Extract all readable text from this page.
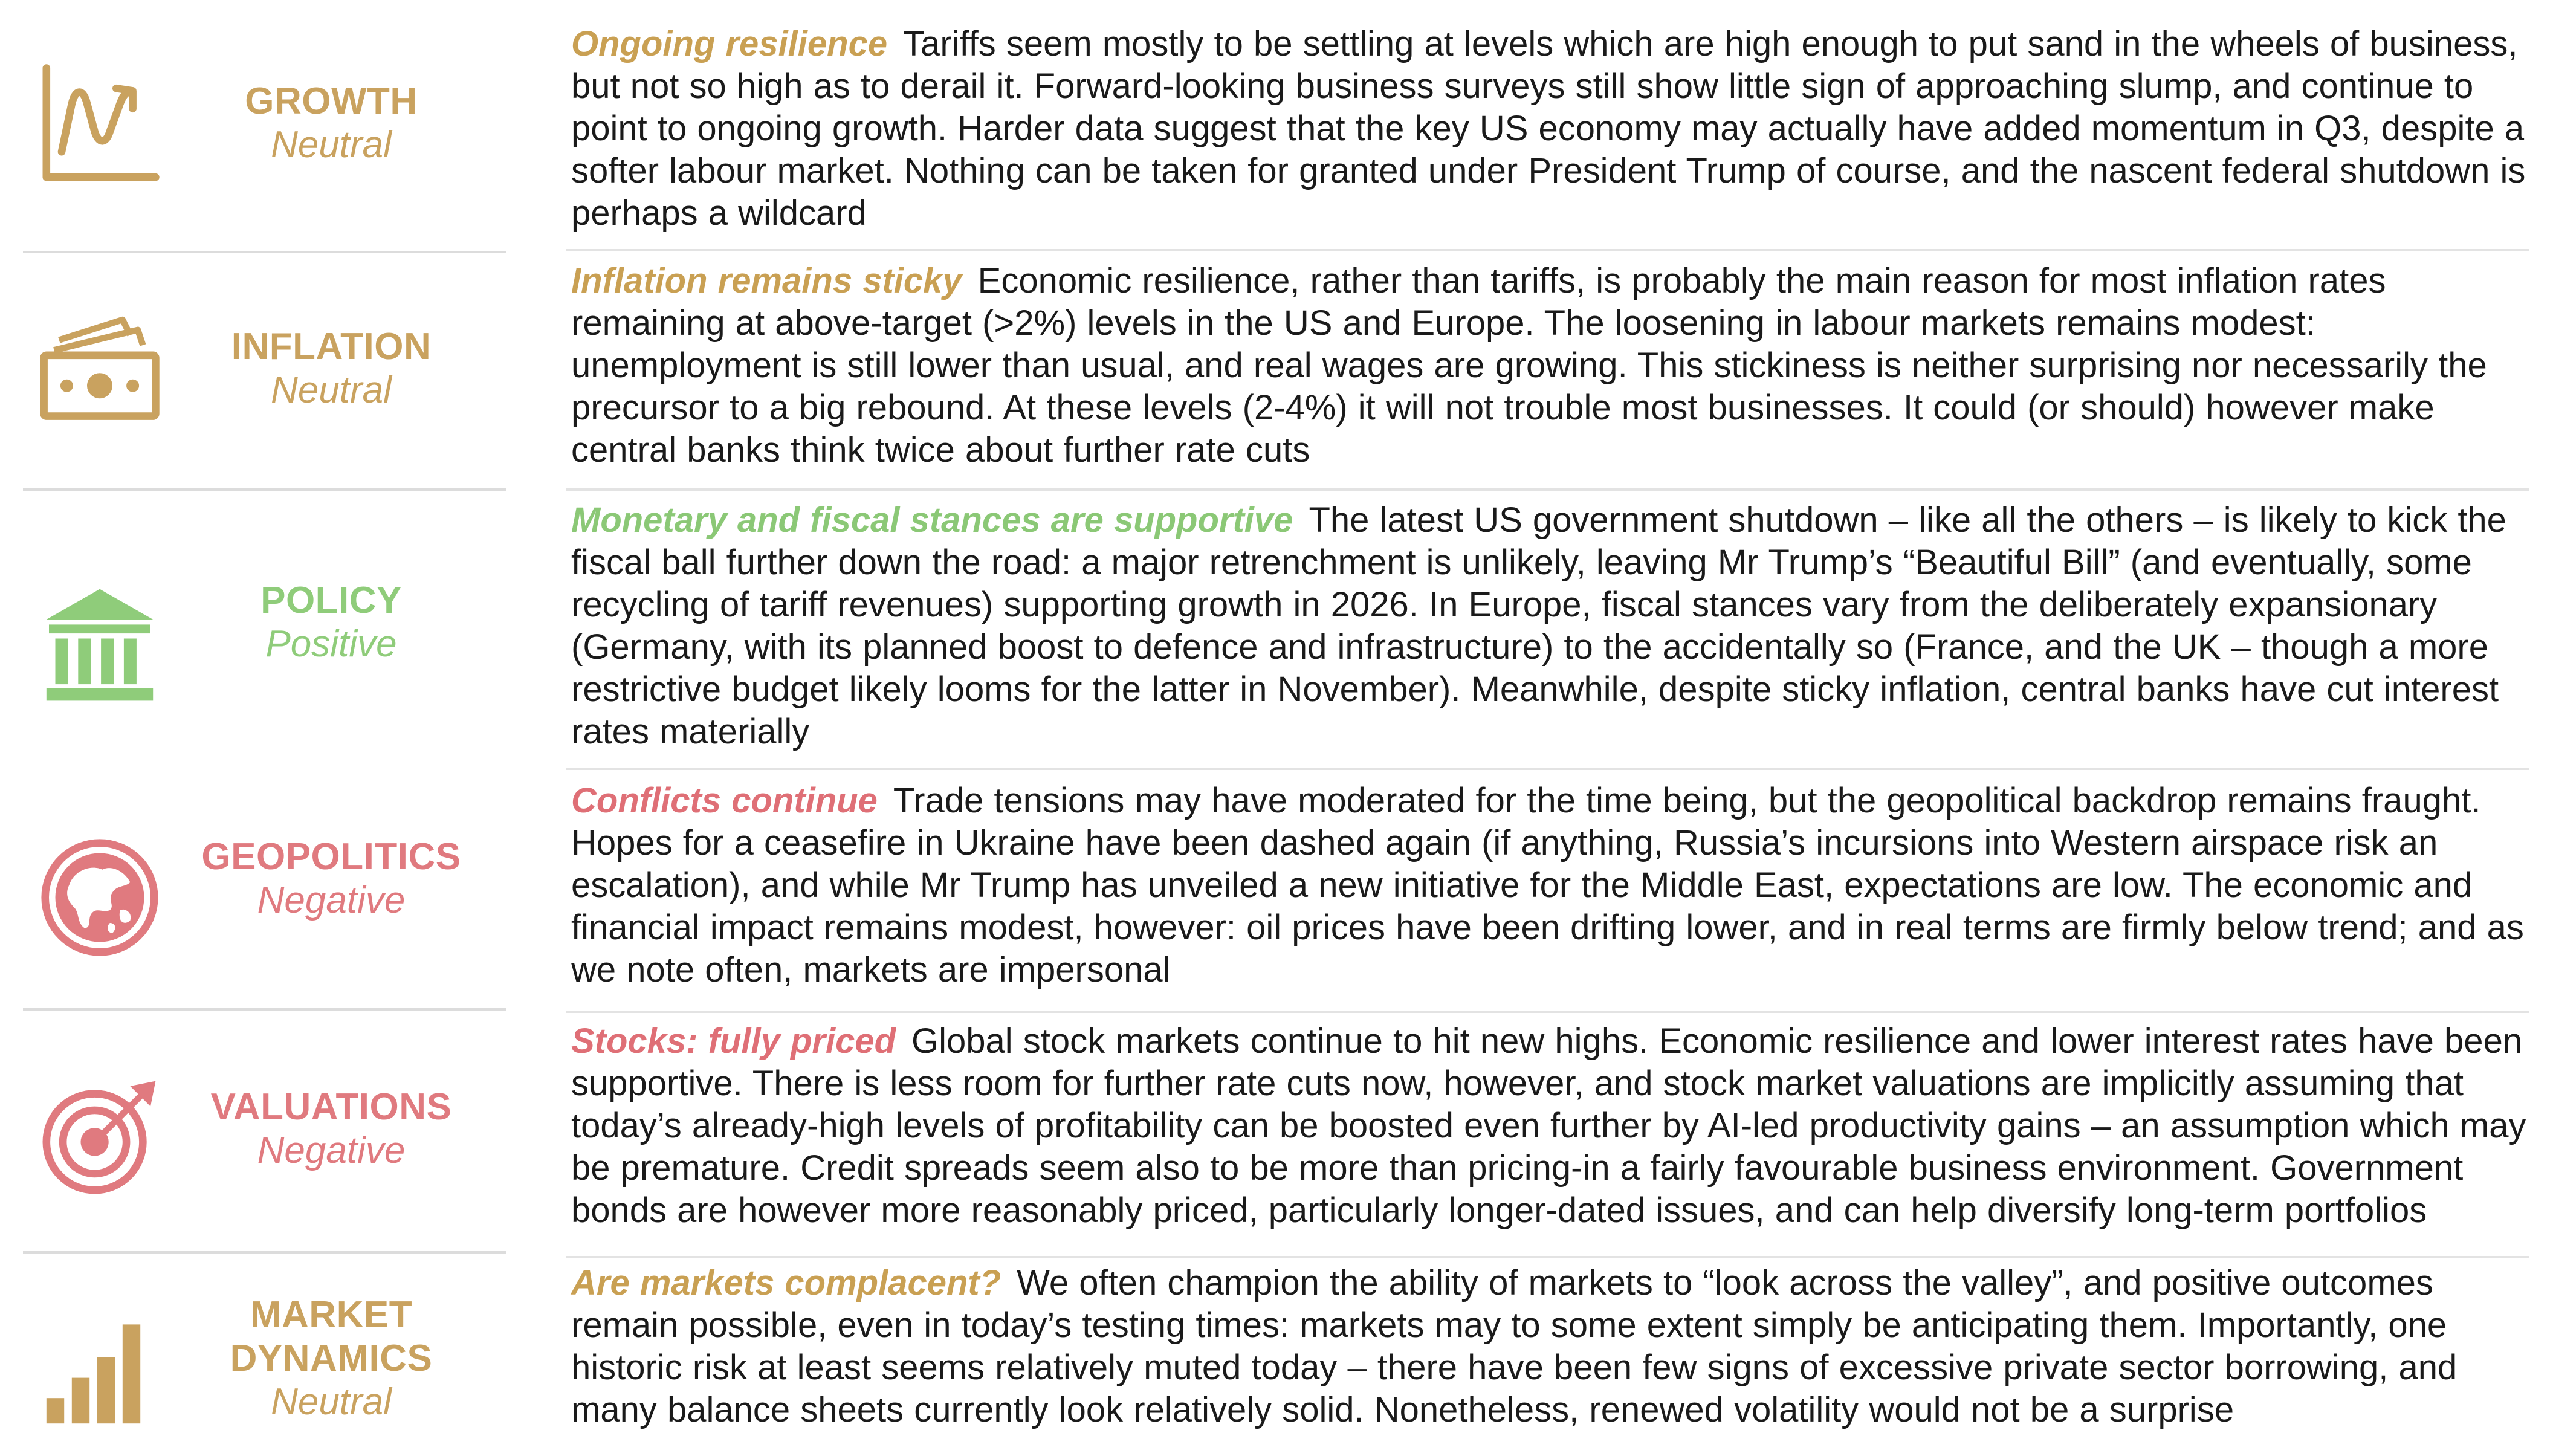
GROWTH
Neutral
Ongoing resilience Tariffs seem mostly to be settling at levels which are high enough to put sand in the wheels of business, but not so high as to derail it. Forward-looking business surveys still show little sign of approaching slump, and continue to point to ongoing growth. Harder data suggest that the key US economy may actually have added momentum in Q3, despite a softer labour market. Nothing can be taken for granted under President Trump of course, and the nascent federal shutdown is perhaps a wildcard
INFLATION
Neutral
Inflation remains sticky Economic resilience, rather than tariffs, is probably the main reason for most inflation rates remaining at above-target (>2%) levels in the US and Europe. The loosening in labour markets remains modest: unemployment is still lower than usual, and real wages are growing. This stickiness is neither surprising nor necessarily the precursor to a big rebound. At these levels (2-4%) it will not trouble most businesses. It could (or should) however make central banks think twice about further rate cuts
POLICY
Positive
Monetary and fiscal stances are supportive The latest US government shutdown – like all the others – is likely to kick the fiscal ball further down the road: a major retrenchment is unlikely, leaving Mr Trump’s “Beautiful Bill” (and eventually, some recycling of tariff revenues) supporting growth in 2026. In Europe, fiscal stances vary from the deliberately expansionary (Germany, with its planned boost to defence and infrastructure) to the accidentally so (France, and the UK – though a more restrictive budget likely looms for the latter in November). Meanwhile, despite sticky inflation, central banks have cut interest rates materially
GEOPOLITICS
Negative
Conflicts continue Trade tensions may have moderated for the time being, but the geopolitical backdrop remains fraught. Hopes for a ceasefire in Ukraine have been dashed again (if anything, Russia’s incursions into Western airspace risk an escalation), and while Mr Trump has unveiled a new initiative for the Middle East, expectations are low. The economic and financial impact remains modest, however: oil prices have been drifting lower, and in real terms are firmly below trend; and as we note often, markets are impersonal
VALUATIONS
Negative
Stocks: fully priced Global stock markets continue to hit new highs. Economic resilience and lower interest rates have been supportive. There is less room for further rate cuts now, however, and stock market valuations are implicitly assuming that today’s already-high levels of profitability can be boosted even further by AI-led productivity gains – an assumption which may be premature. Credit spreads seem also to be more than pricing-in a fairly favourable business environment. Government bonds are however more reasonably priced, particularly longer-dated issues, and can help diversify long-term portfolios
MARKET
DYNAMICS
Neutral
Are markets complacent? We often champion the ability of markets to “look across the valley”, and positive outcomes remain possible, even in today’s testing times: markets may to some extent simply be anticipating them. Importantly, one historic risk at least seems relatively muted today – there have been few signs of excessive private sector borrowing, and many balance sheets currently look relatively solid. Nonetheless, renewed volatility would not be a surprise
